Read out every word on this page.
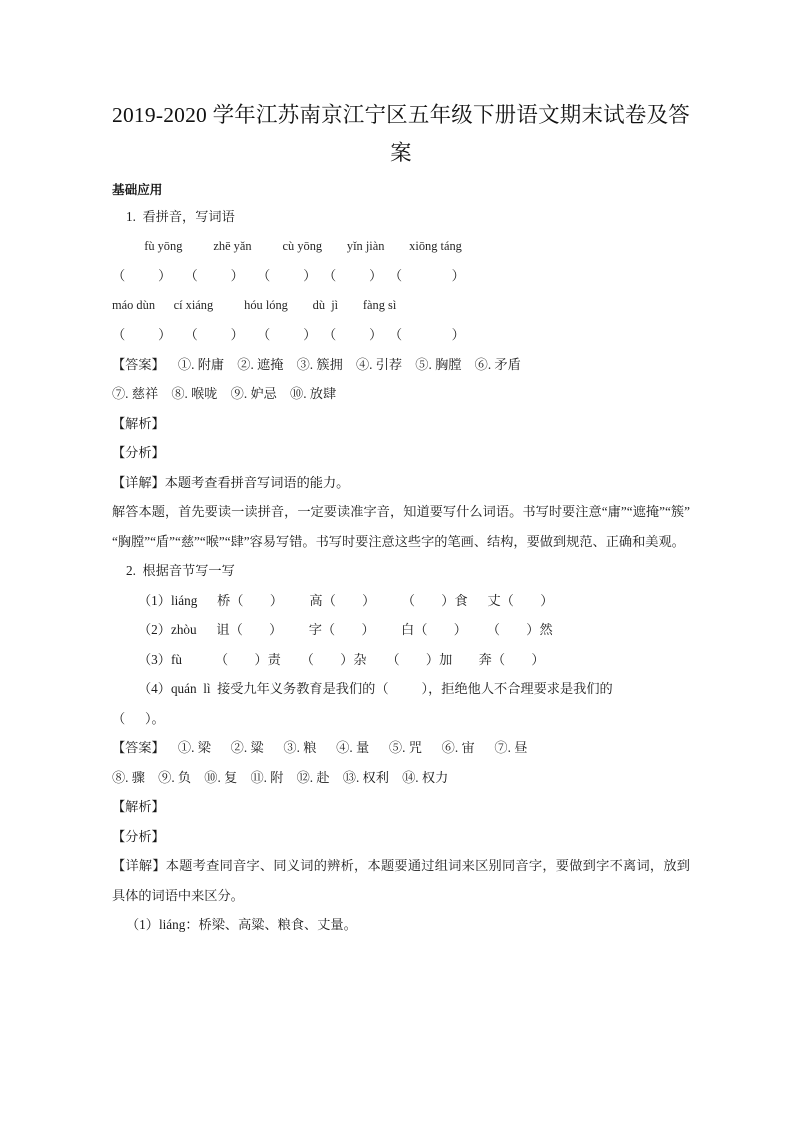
2019-2020 学年江苏南京江宁区五年级下册语文期末试卷及答案
基础应用
1.  看拼音，写词语
fù yōng          zhē yǎn          cù yōng        yǐn jiàn        xiōng táng
（          ）    （          ）    （          ）  （          ）  （               ）
máo dùn      cí xiáng          hóu lóng        dù  jì        fàng sì
（          ）    （          ）    （          ）  （          ）  （               ）
【答案】    ①. 附庸    ②. 遮掩    ③. 簇拥    ④. 引荐    ⑤. 胸膛    ⑥. 矛盾
⑦. 慈祥    ⑧. 喉咙    ⑨. 妒忌    ⑩. 放肆
【解析】
【分析】
【详解】本题考查看拼音写词语的能力。
解答本题，首先要读一读拼音，一定要读准字音，知道要写什么词语。书写时要注意“庸”“遮掩”“簇”“胸膛”“盾”“慈”“喉”“肆”容易写错。书写时要注意这些字的笔画、结构，要做到规范、正确和美观。
2.  根据音节写一写
（1）liáng      桥（        ）        高（        ）        （        ）食      丈（        ）
（2）zhòu      诅（        ）        字（        ）        白（        ）      （        ）然
（3）fù          （        ）责      （        ）杂      （        ）加        奔（        ）
（4）quán  lì  接受九年义务教育是我们的（          ），拒绝他人不合理要求是我们的
（      ）。
【答案】    ①. 梁      ②. 粱      ③. 粮      ④. 量      ⑤. 咒      ⑥. 宙      ⑦. 昼
⑧. 骤    ⑨. 负    ⑩. 复    ⑪. 附    ⑫. 赴    ⑬. 权利    ⑭. 权力
【解析】
【分析】
【详解】本题考查同音字、同义词的辨析，本题要通过组词来区别同音字，要做到字不离词，放到具体的词语中来区分。
（1）liáng：桥梁、高粱、粮食、丈量。
